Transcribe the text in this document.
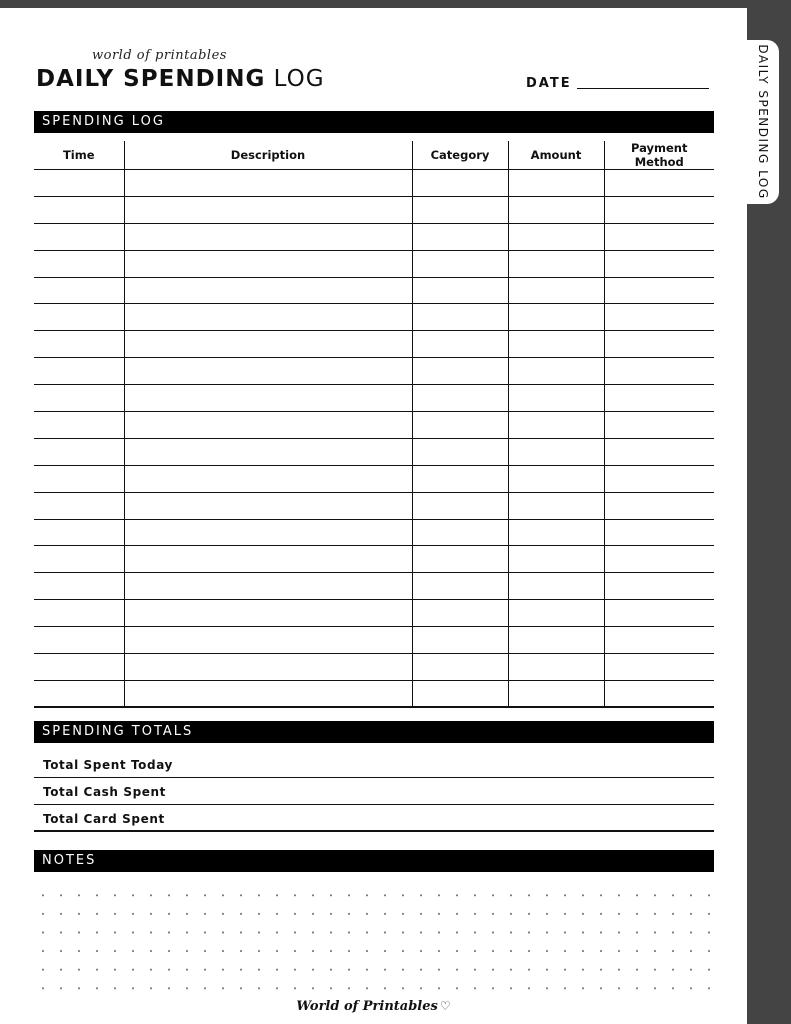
world of printables
DAILY SPENDING LOG	DATE
SPENDING LOG
Time	Description	Category	Amount	Payment Method

SPENDING TOTALS
Total Spent Today
Total Cash Spent
Total Card Spent
NOTES
World of Printables ♡
DAILY SPENDING LOG
